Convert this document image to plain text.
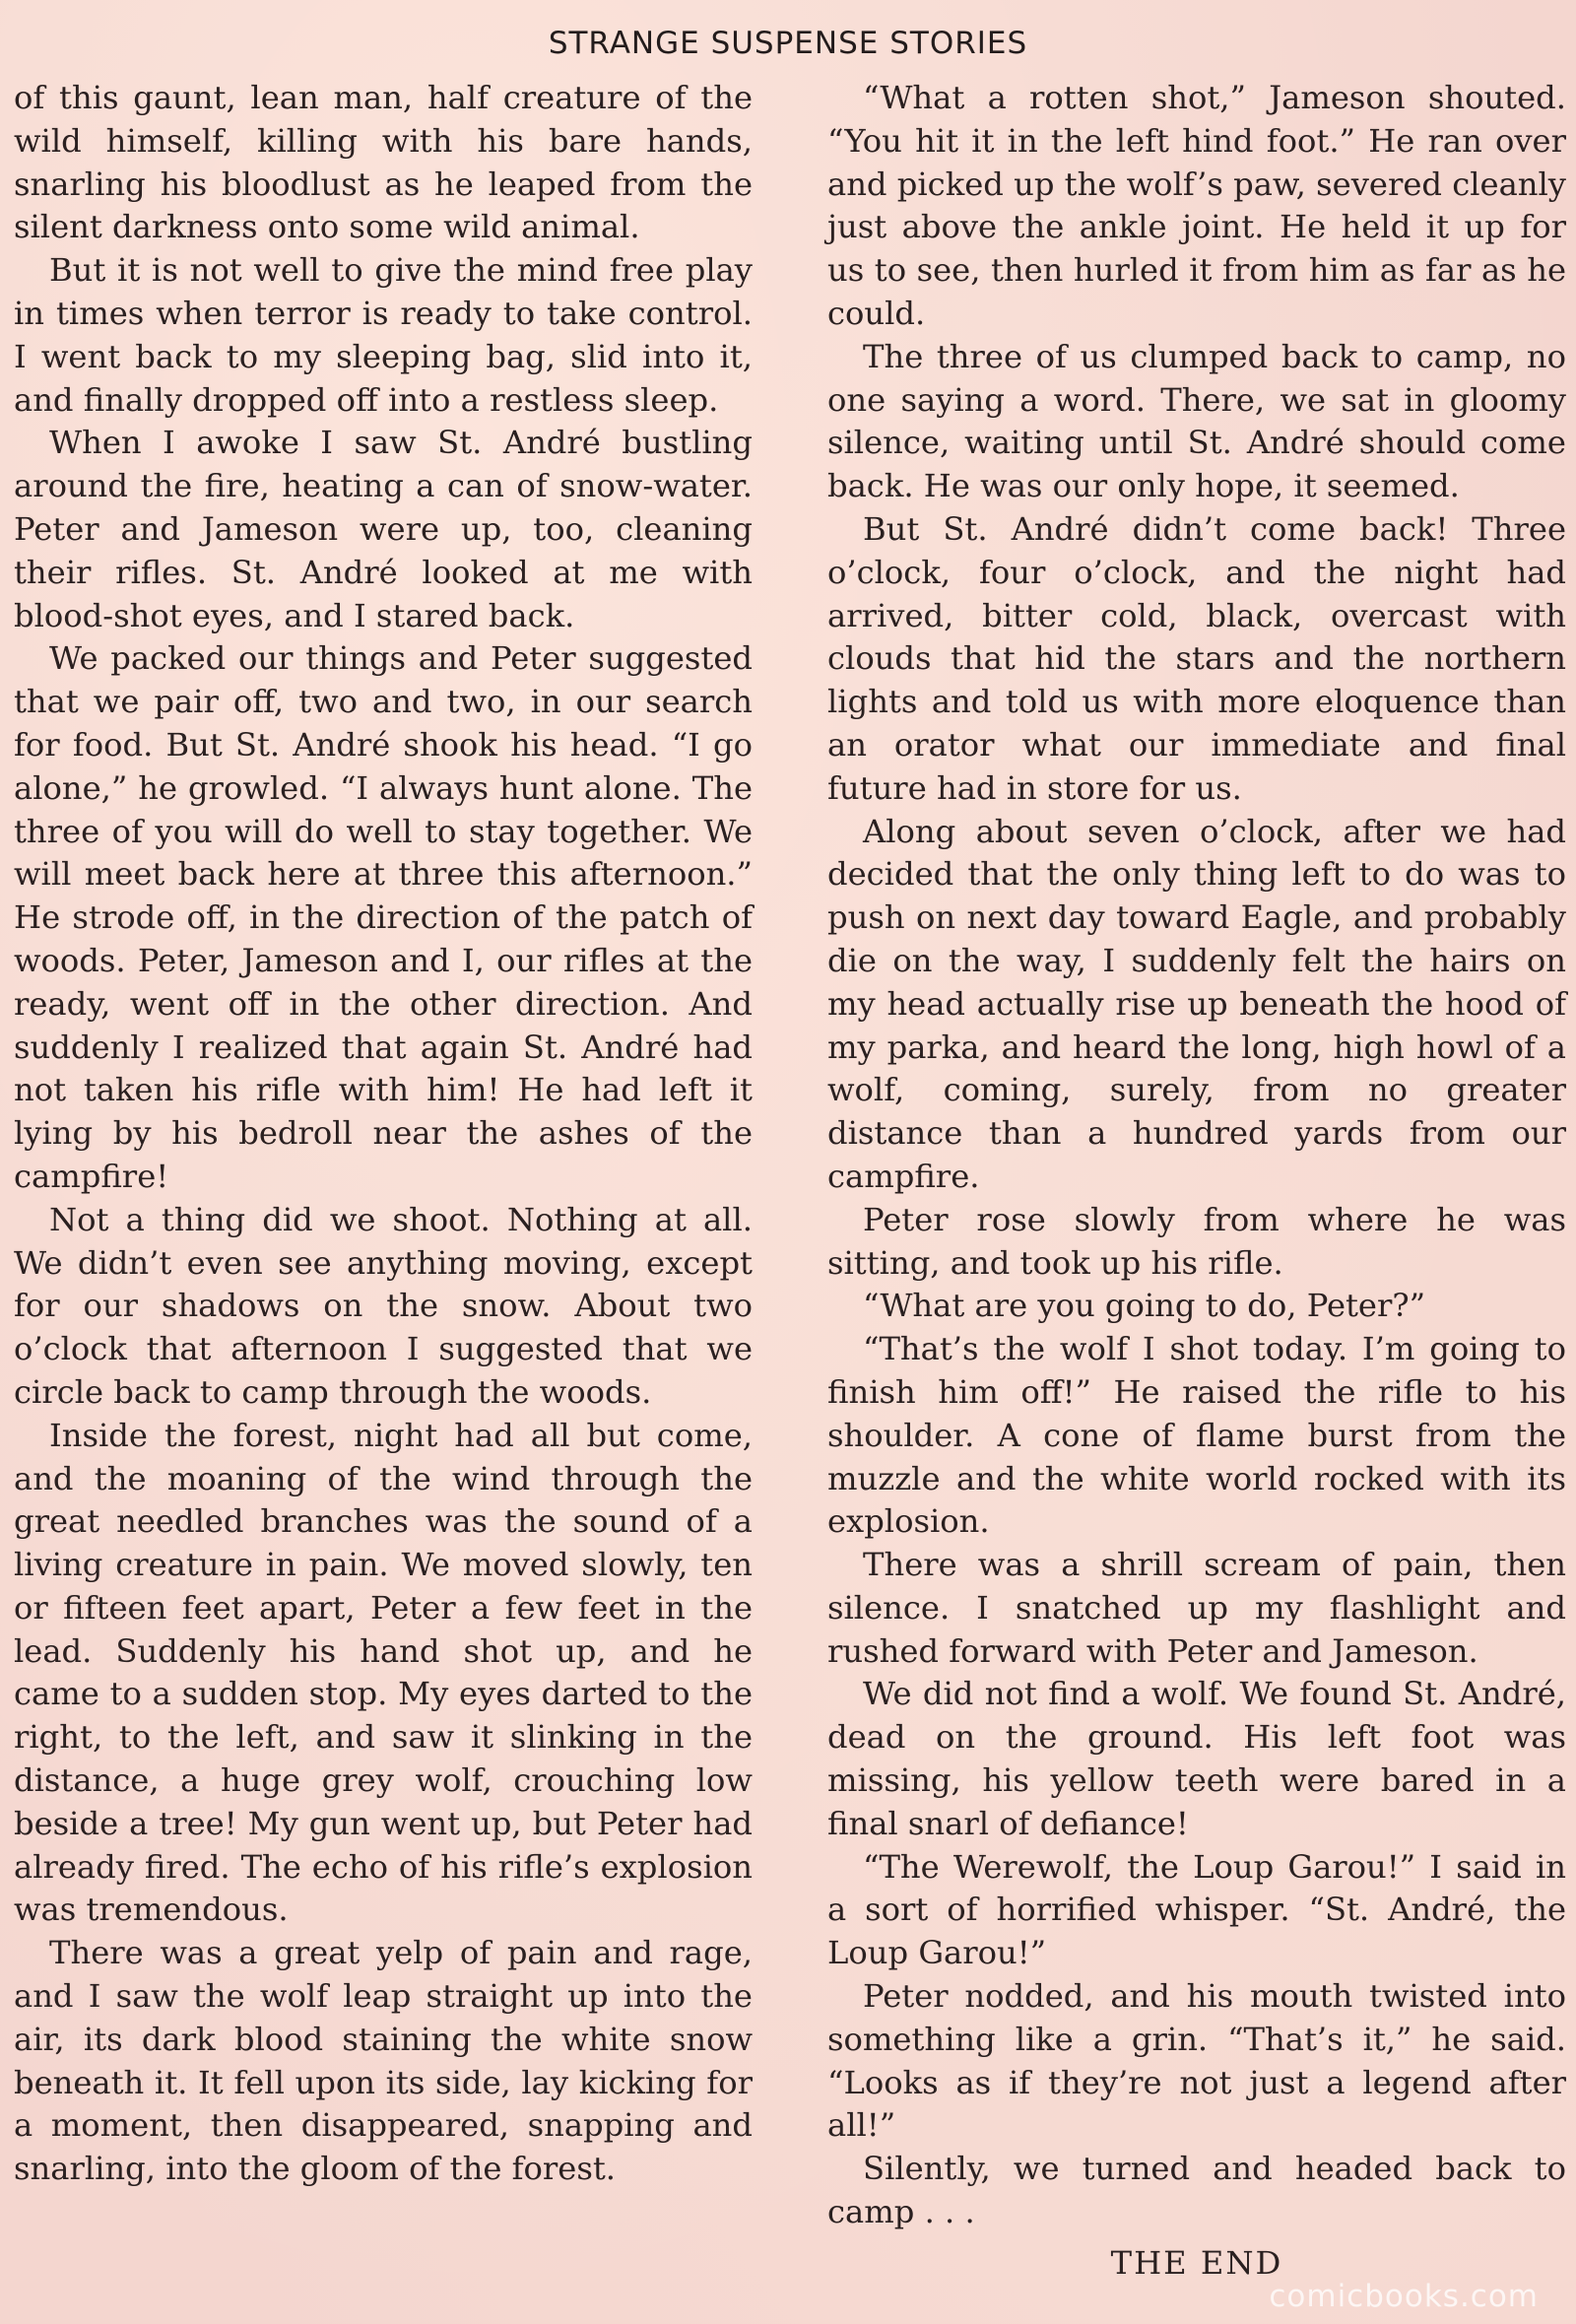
STRANGE SUSPENSE STORIES

of this gaunt, lean man, half creature of the wild himself, killing with his bare hands, snarling his bloodlust as he leaped from the silent darkness onto some wild animal.

But it is not well to give the mind free play in times when terror is ready to take control. I went back to my sleeping bag, slid into it, and finally dropped off into a restless sleep.

When I awoke I saw St. André bustling around the fire, heating a can of snow-water. Peter and Jameson were up, too, cleaning their rifles. St. André looked at me with blood-shot eyes, and I stared back.

We packed our things and Peter suggested that we pair off, two and two, in our search for food. But St. André shook his head. “I go alone,” he growled. “I always hunt alone. The three of you will do well to stay together. We will meet back here at three this afternoon.” He strode off, in the direction of the patch of woods. Peter, Jameson and I, our rifles at the ready, went off in the other direction. And suddenly I realized that again St. André had not taken his rifle with him! He had left it lying by his bedroll near the ashes of the campfire!

Not a thing did we shoot. Nothing at all. We didn’t even see anything moving, except for our shadows on the snow. About two o’clock that afternoon I suggested that we circle back to camp through the woods.

Inside the forest, night had all but come, and the moaning of the wind through the great needled branches was the sound of a living creature in pain. We moved slowly, ten or fifteen feet apart, Peter a few feet in the lead. Suddenly his hand shot up, and he came to a sudden stop. My eyes darted to the right, to the left, and saw it slinking in the distance, a huge grey wolf, crouching low beside a tree! My gun went up, but Peter had already fired. The echo of his rifle’s explosion was tremendous.

There was a great yelp of pain and rage, and I saw the wolf leap straight up into the air, its dark blood staining the white snow beneath it. It fell upon its side, lay kicking for a moment, then disappeared, snapping and snarling, into the gloom of the forest.

“What a rotten shot,” Jameson shouted. “You hit it in the left hind foot.” He ran over and picked up the wolf’s paw, severed cleanly just above the ankle joint. He held it up for us to see, then hurled it from him as far as he could.

The three of us clumped back to camp, no one saying a word. There, we sat in gloomy silence, waiting until St. André should come back. He was our only hope, it seemed.

But St. André didn’t come back! Three o’clock, four o’clock, and the night had arrived, bitter cold, black, overcast with clouds that hid the stars and the northern lights and told us with more eloquence than an orator what our immediate and final future had in store for us.

Along about seven o’clock, after we had decided that the only thing left to do was to push on next day toward Eagle, and probably die on the way, I suddenly felt the hairs on my head actually rise up beneath the hood of my parka, and heard the long, high howl of a wolf, coming, surely, from no greater distance than a hundred yards from our campfire.

Peter rose slowly from where he was sitting, and took up his rifle.

“What are you going to do, Peter?”

“That’s the wolf I shot today. I’m going to finish him off!” He raised the rifle to his shoulder. A cone of flame burst from the muzzle and the white world rocked with its explosion.

There was a shrill scream of pain, then silence. I snatched up my flashlight and rushed forward with Peter and Jameson.

We did not find a wolf. We found St. André, dead on the ground. His left foot was missing, his yellow teeth were bared in a final snarl of defiance!

“The Werewolf, the Loup Garou!” I said in a sort of horrified whisper. “St. André, the Loup Garou!”

Peter nodded, and his mouth twisted into something like a grin. “That’s it,” he said. “Looks as if they’re not just a legend after all!”

Silently, we turned and headed back to camp . . .

THE END

comicbooks.com
